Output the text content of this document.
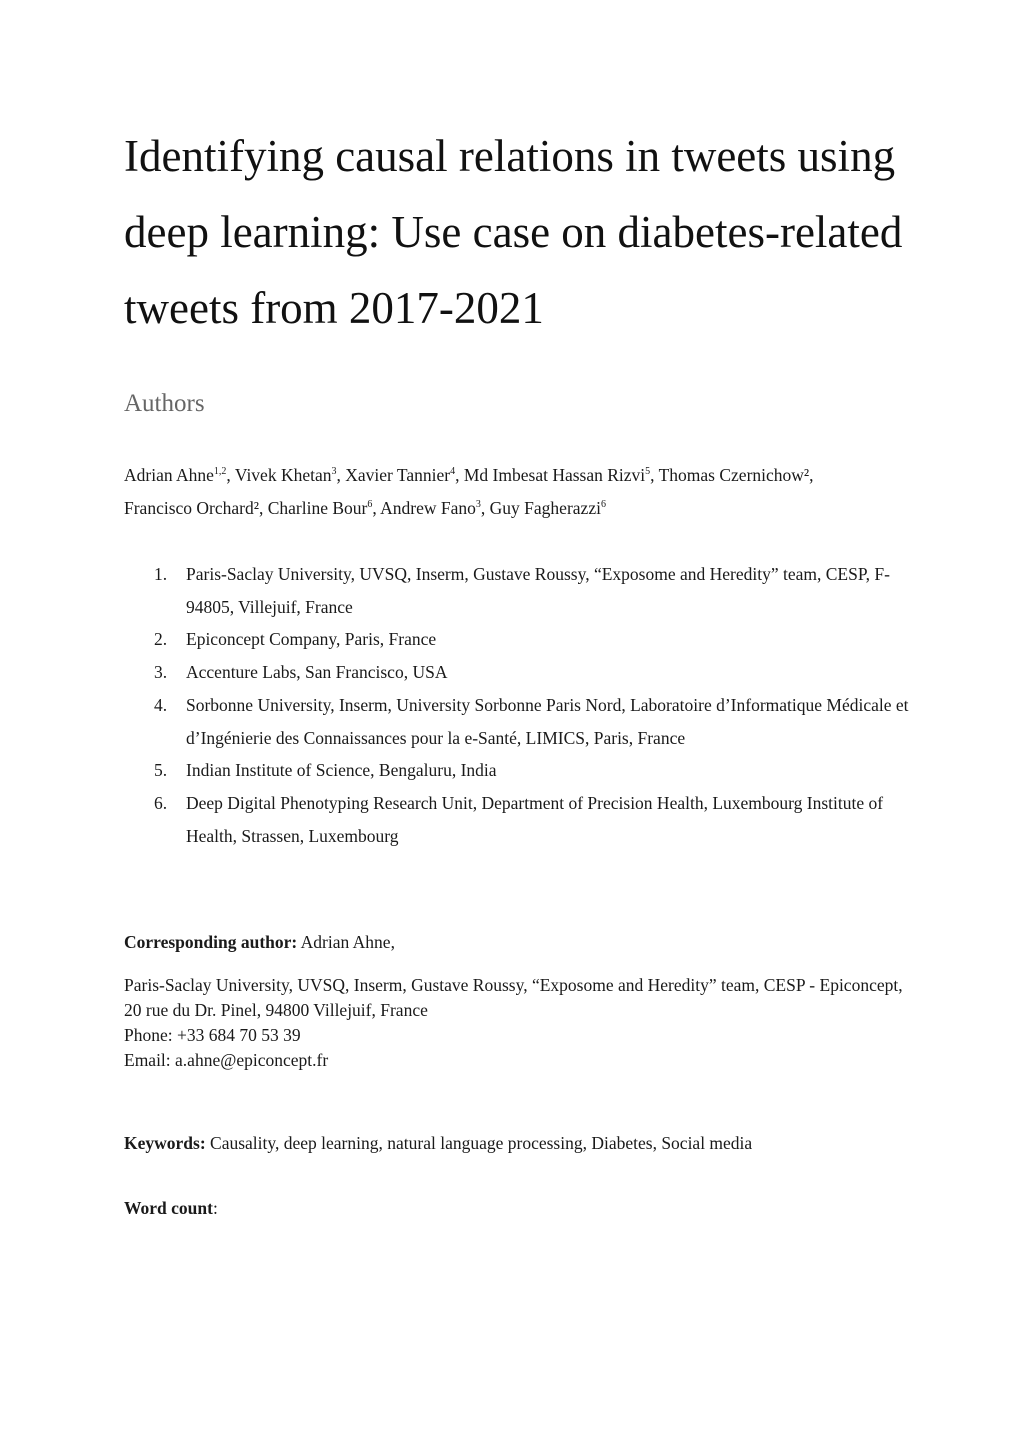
Identifying causal relations in tweets using deep learning: Use case on diabetes-related tweets from 2017-2021
Authors
Adrian Ahne$^{1,2}$, Vivek Khetan$^3$, Xavier Tannier$^4$, Md Imbesat Hassan Rizvi$^5$, Thomas Czernichow²,
Francisco Orchard², Charline Bour$^6$, Andrew Fano$^3$, Guy Fagherazzi$^6$
1. Paris-Saclay University, UVSQ, Inserm, Gustave Roussy, “Exposome and Heredity” team, CESP, F-94805, Villejuif, France
2. Epiconcept Company, Paris, France
3. Accenture Labs, San Francisco, USA
4. Sorbonne University, Inserm, University Sorbonne Paris Nord, Laboratoire d’Informatique Médicale et d’Ingénierie des Connaissances pour la e-Santé, LIMICS, Paris, France
5. Indian Institute of Science, Bengaluru, India
6. Deep Digital Phenotyping Research Unit, Department of Precision Health, Luxembourg Institute of Health, Strassen, Luxembourg
Corresponding author: Adrian Ahne,
Paris-Saclay University, UVSQ, Inserm, Gustave Roussy, “Exposome and Heredity” team, CESP - Epiconcept, 20 rue du Dr. Pinel, 94800 Villejuif, France
Phone: +33 684 70 53 39
Email: a.ahne@epiconcept.fr
Keywords: Causality, deep learning, natural language processing, Diabetes, Social media
Word count:
